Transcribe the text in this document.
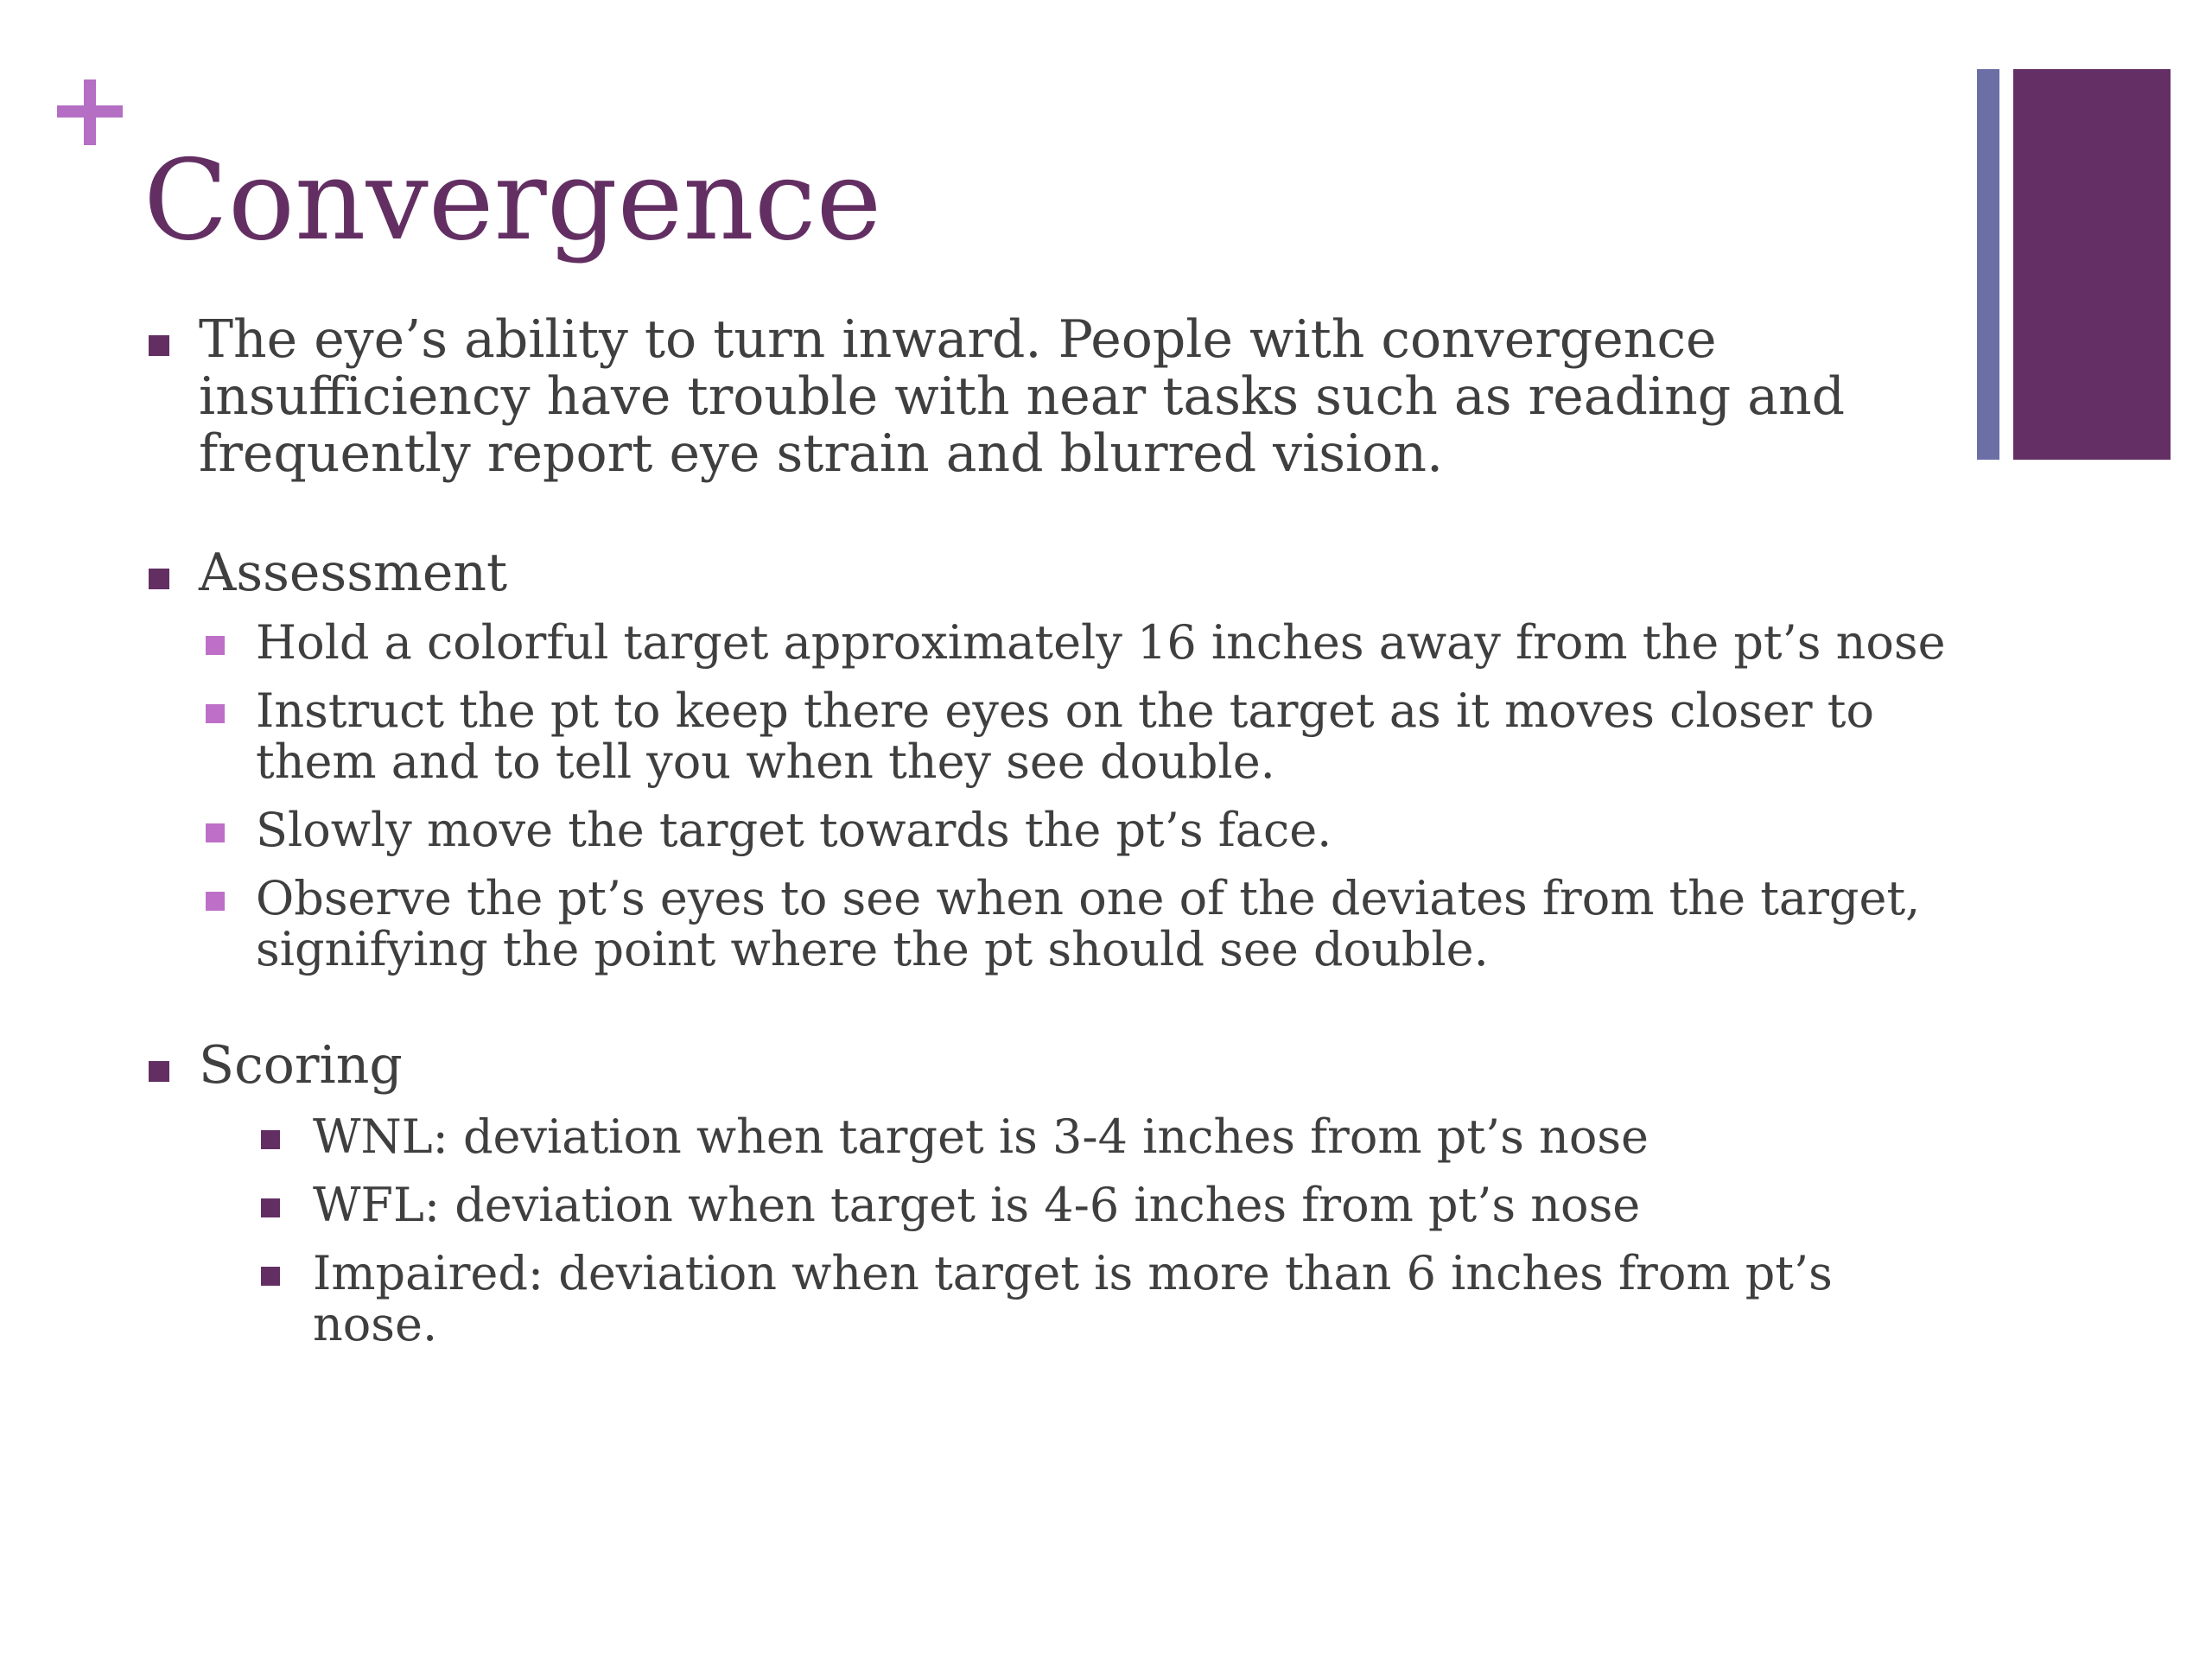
Convergence
The eye’s ability to turn inward. People with convergence insufficiency have trouble with near tasks such as reading and frequently report eye strain and blurred vision.
Assessment
Hold a colorful target approximately 16 inches away from the pt’s nose
Instruct the pt to keep there eyes on the target as it moves closer to them and to tell you when they see double.
Slowly move the target towards the pt’s face.
Observe the pt’s eyes to see when one of the deviates from the target, signifying the point where the pt should see double.
Scoring
WNL: deviation when target is 3-4 inches from pt’s nose
WFL: deviation when target is 4-6 inches from pt’s nose
Impaired: deviation when target is more than 6 inches from pt’s nose.
